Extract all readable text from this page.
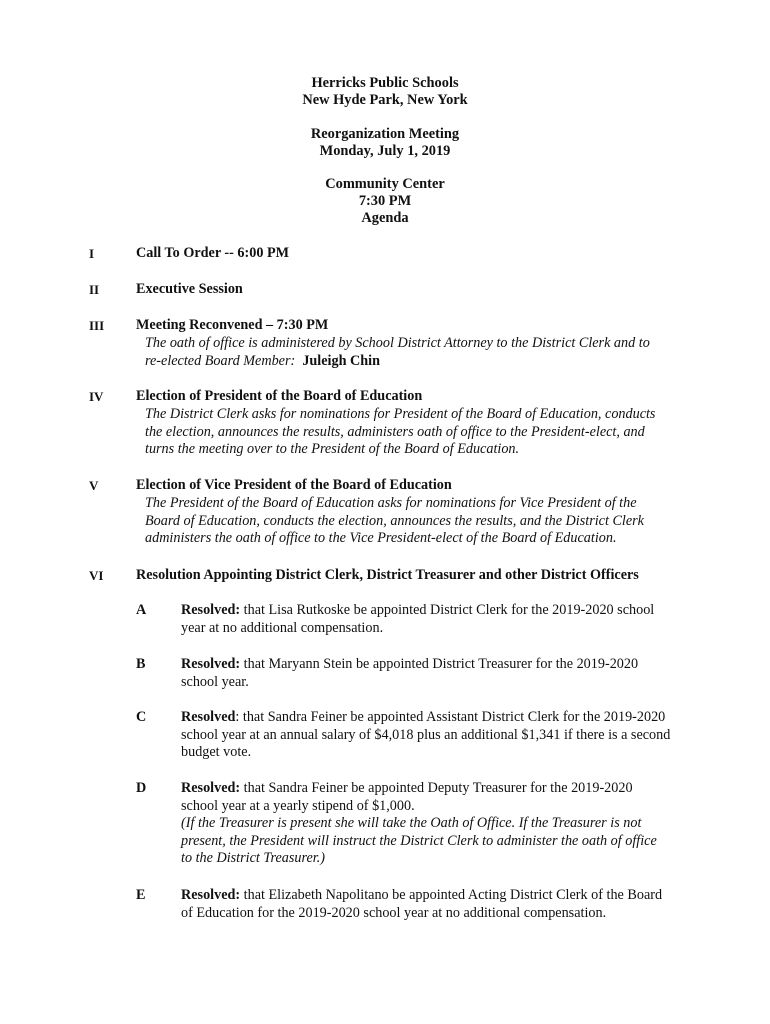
Herricks Public Schools
New Hyde Park, New York
Reorganization Meeting
Monday, July 1, 2019
Community Center
7:30 PM
Agenda
I	Call To Order -- 6:00 PM
II	Executive Session
III Meeting Reconvened – 7:30 PM
The oath of office is administered by School District Attorney to the District Clerk and to
re-elected Board Member: Juleigh Chin
IV Election of President of the Board of Education
The District Clerk asks for nominations for President of the Board of Education, conducts
the election, announces the results, administers oath of office to the President-elect, and
turns the meeting over to the President of the Board of Education.
V	Election of Vice President of the Board of Education
The President of the Board of Education asks for nominations for Vice President of the
Board of Education, conducts the election, announces the results, and the District Clerk
administers the oath of office to the Vice President-elect of the Board of Education.
VI Resolution Appointing District Clerk, District Treasurer and other District Officers
A Resolved: that Lisa Rutkoske be appointed District Clerk for the 2019-2020 school
year at no additional compensation.
B	Resolved: that Maryann Stein be appointed District Treasurer for the 2019-2020
school year.
C Resolved: that Sandra Feiner be appointed Assistant District Clerk for the 2019-2020
school year at an annual salary of $4,018 plus an additional $1,341 if there is a second
budget vote.
D Resolved: that Sandra Feiner be appointed Deputy Treasurer for the 2019-2020
school year at a yearly stipend of $1,000.
(If the Treasurer is present she will take the Oath of Office. If the Treasurer is not
present, the President will instruct the District Clerk to administer the oath of office
to the District Treasurer.)
E	Resolved: that Elizabeth Napolitano be appointed Acting District Clerk of the Board
of Education for the 2019-2020 school year at no additional compensation.
